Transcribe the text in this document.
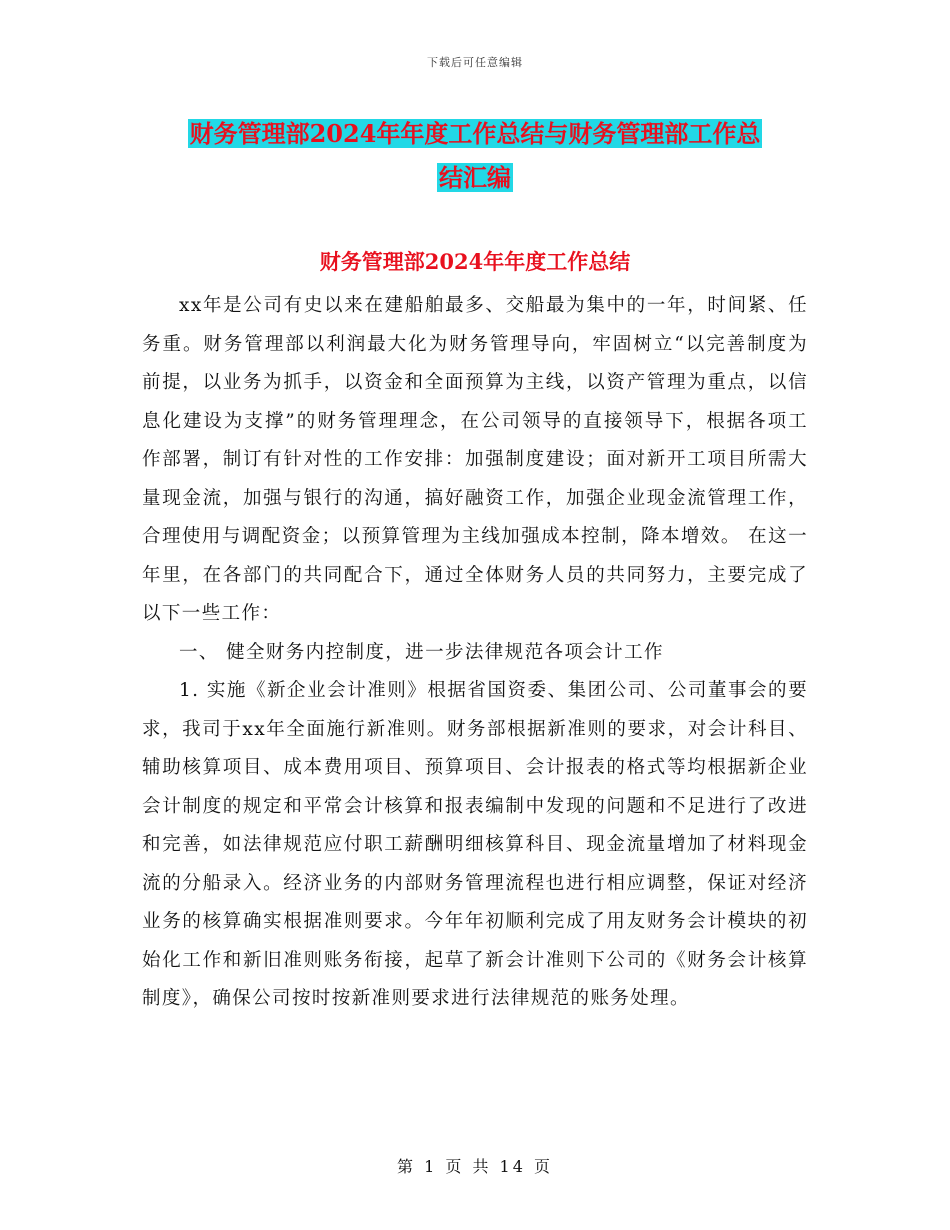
下载后可任意编辑
财务管理部2024年年度工作总结与财务管理部工作总
结汇编
财务管理部2024年年度工作总结

xx年是公司有史以来在建船舶最多、交船最为集中的一年，时间紧、任务重。财务管理部以利润最大化为财务管理导向，牢固树立“以完善制度为前提，以业务为抓手，以资金和全面预算为主线，以资产管理为重点，以信息化建设为支撑”的财务管理理念，在公司领导的直接领导下，根据各项工作部署，制订有针对性的工作安排：加强制度建设；面对新开工项目所需大量现金流，加强与银行的沟通，搞好融资工作，加强企业现金流管理工作，合理使用与调配资金；以预算管理为主线加强成本控制，降本增效。 在这一年里，在各部门的共同配合下，通过全体财务人员的共同努力，主要完成了以下一些工作：

一、 健全财务内控制度，进一步法律规范各项会计工作

1. 实施《新企业会计准则》根据省国资委、集团公司、公司董事会的要求，我司于xx年全面施行新准则。财务部根据新准则的要求，对会计科目、辅助核算项目、成本费用项目、预算项目、会计报表的格式等均根据新企业会计制度的规定和平常会计核算和报表编制中发现的问题和不足进行了改进和完善，如法律规范应付职工薪酬明细核算科目、现金流量增加了材料现金流的分船录入。经济业务的内部财务管理流程也进行相应调整，保证对经济业务的核算确实根据准则要求。今年年初顺利完成了用友财务会计模块的初始化工作和新旧准则账务衔接，起草了新会计准则下公司的《财务会计核算制度》，确保公司按时按新准则要求进行法律规范的账务处理。

第 1 页 共 14 页
